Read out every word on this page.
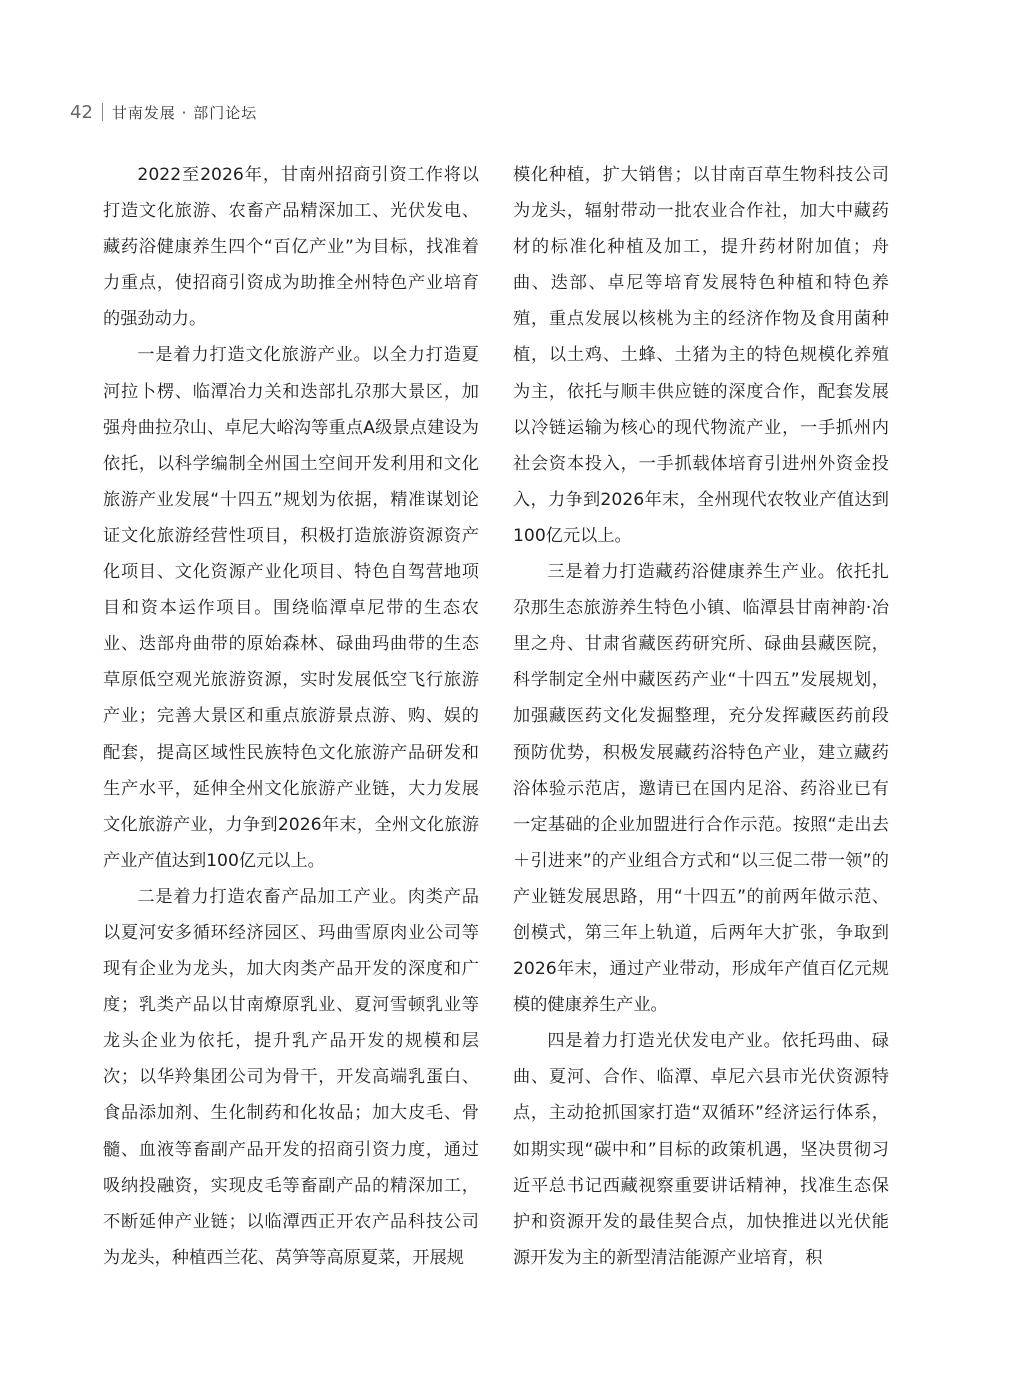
42 甘南发展 · 部门论坛

2022至2026年，甘南州招商引资工作将以打造文化旅游、农畜产品精深加工、光伏发电、藏药浴健康养生四个“百亿产业”为目标，找准着力重点，使招商引资成为助推全州特色产业培育的强劲动力。

一是着力打造文化旅游产业。以全力打造夏河拉卜楞、临潭冶力关和迭部扎尕那大景区，加强舟曲拉尕山、卓尼大峪沟等重点A级景点建设为依托，以科学编制全州国土空间开发利用和文化旅游产业发展“十四五”规划为依据，精准谋划论证文化旅游经营性项目，积极打造旅游资源资产化项目、文化资源产业化项目、特色自驾营地项目和资本运作项目。围绕临潭卓尼带的生态农业、迭部舟曲带的原始森林、碌曲玛曲带的生态草原低空观光旅游资源，实时发展低空飞行旅游产业；完善大景区和重点旅游景点游、购、娱的配套，提高区域性民族特色文化旅游产品研发和生产水平，延伸全州文化旅游产业链，大力发展文化旅游产业，力争到2026年末，全州文化旅游产业产值达到100亿元以上。

二是着力打造农畜产品加工产业。肉类产品以夏河安多循环经济园区、玛曲雪原肉业公司等现有企业为龙头，加大肉类产品开发的深度和广度；乳类产品以甘南燎原乳业、夏河雪顿乳业等龙头企业为依托，提升乳产品开发的规模和层次；以华羚集团公司为骨干，开发高端乳蛋白、食品添加剂、生化制药和化妆品；加大皮毛、骨髓、血液等畜副产品开发的招商引资力度，通过吸纳投融资，实现皮毛等畜副产品的精深加工，不断延伸产业链；以临潭西正开农产品科技公司为龙头，种植西兰花、莴笋等高原夏菜，开展规

模化种植，扩大销售；以甘南百草生物科技公司为龙头，辐射带动一批农业合作社，加大中藏药材的标准化种植及加工，提升药材附加值；舟曲、迭部、卓尼等培育发展特色种植和特色养殖，重点发展以核桃为主的经济作物及食用菌种植，以土鸡、土蜂、土猪为主的特色规模化养殖为主，依托与顺丰供应链的深度合作，配套发展以冷链运输为核心的现代物流产业，一手抓州内社会资本投入，一手抓载体培育引进州外资金投入，力争到2026年末，全州现代农牧业产值达到100亿元以上。

三是着力打造藏药浴健康养生产业。依托扎尕那生态旅游养生特色小镇、临潭县甘南神韵·冶里之舟、甘肃省藏医药研究所、碌曲县藏医院，科学制定全州中藏医药产业“十四五”发展规划，加强藏医药文化发掘整理，充分发挥藏医药前段预防优势，积极发展藏药浴特色产业，建立藏药浴体验示范店，邀请已在国内足浴、药浴业已有一定基础的企业加盟进行合作示范。按照“走出去＋引进来”的产业组合方式和“以三促二带一领”的产业链发展思路，用“十四五”的前两年做示范、创模式，第三年上轨道，后两年大扩张，争取到2026年末，通过产业带动，形成年产值百亿元规模的健康养生产业。

四是着力打造光伏发电产业。依托玛曲、碌曲、夏河、合作、临潭、卓尼六县市光伏资源特点，主动抢抓国家打造“双循环”经济运行体系，如期实现“碳中和”目标的政策机遇，坚决贯彻习近平总书记西藏视察重要讲话精神，找准生态保护和资源开发的最佳契合点，加快推进以光伏能源开发为主的新型清洁能源产业培育，积
